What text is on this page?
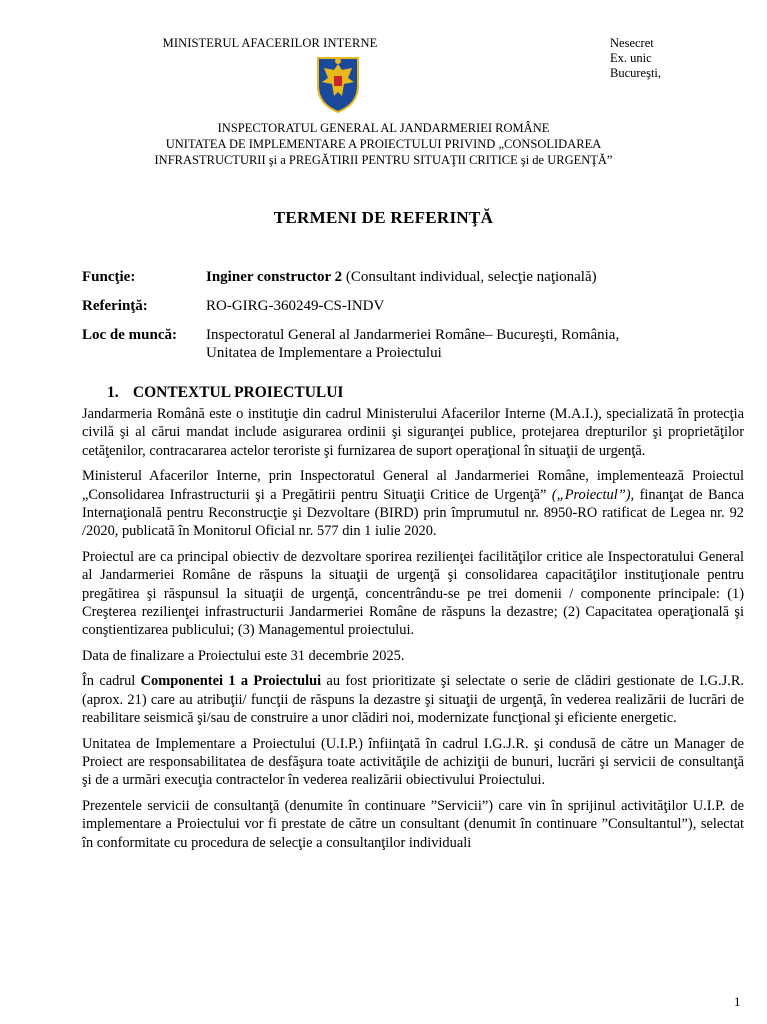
MINISTERUL AFACERILOR INTERNE	Nesecret
Ex. unic
Bucureşti,
INSPECTORATUL GENERAL AL JANDARMERIEI ROMÂNE
UNITATEA DE IMPLEMENTARE A PROIECTULUI PRIVIND „CONSOLIDAREA
INFRASTRUCTURII şi a PREGĂTIRII PENTRU SITUAŢII CRITICE şi de URGENŢĂ”
TERMENI DE REFERINŢĂ
Funcţie:	Inginer constructor 2 (Consultant individual, selecţie naţională)
Referinţă:	RO-GIRG-360249-CS-INDV
Loc de muncă:	Inspectoratul General al Jandarmeriei Române– Bucureşti, România,
Unitatea de Implementare a Proiectului
1. CONTEXTUL PROIECTULUI

Jandarmeria Română este o instituţie din cadrul Ministerului Afacerilor Interne (M.A.I.), specializată în protecţia civilă şi al cărui mandat include asigurarea ordinii şi siguranţei publice, protejarea drepturilor şi proprietăţilor cetăţenilor, contracararea actelor teroriste şi furnizarea de suport operaţional în situaţii de urgenţă.

Ministerul Afacerilor Interne, prin Inspectoratul General al Jandarmeriei Române, implementează Proiectul „Consolidarea Infrastructurii şi a Pregătirii pentru Situaţii Critice de Urgenţă” („Proiectul”), finanţat de Banca Internaţională pentru Reconstrucţie şi Dezvoltare (BIRD) prin împrumutul nr. 8950-RO ratificat de Legea nr. 92 /2020, publicată în Monitorul Oficial nr. 577 din 1 iulie 2020.

Proiectul are ca principal obiectiv de dezvoltare sporirea rezilienţei facilităţilor critice ale Inspectoratului General al Jandarmeriei Române de răspuns la situaţii de urgenţă şi consolidarea capacităţilor instituţionale pentru pregătirea şi răspunsul la situaţii de urgenţă, concentrându-se pe trei domenii / componente principale: (1) Creşterea rezilienţei infrastructurii Jandarmeriei Române de răspuns la dezastre; (2) Capacitatea operaţională şi conştientizarea publicului; (3) Managementul proiectului.

Data de finalizare a Proiectului este 31 decembrie 2025.

În cadrul Componentei 1 a Proiectului au fost prioritizate şi selectate o serie de clădiri gestionate de I.G.J.R. (aprox. 21) care au atribuţii/ funcţii de răspuns la dezastre şi situaţii de urgenţă, în vederea realizării de lucrări de reabilitare seismică şi/sau de construire a unor clădiri noi, modernizate funcţional şi eficiente energetic.

Unitatea de Implementare a Proiectului (U.I.P.) înfiinţată în cadrul I.G.J.R. şi condusă de către un Manager de Proiect are responsabilitatea de desfăşura toate activităţile de achiziţii de bunuri, lucrări şi servicii de consultanţă şi de a urmări execuţia contractelor în vederea realizării obiectivului Proiectului.

Prezentele servicii de consultanţă (denumite în continuare ”Servicii”) care vin în sprijinul activităţilor U.I.P. de implementare a Proiectului vor fi prestate de către un consultant (denumit în continuare ”Consultantul”), selectat în conformitate cu procedura de selecţie a consultanţilor individuali

1
